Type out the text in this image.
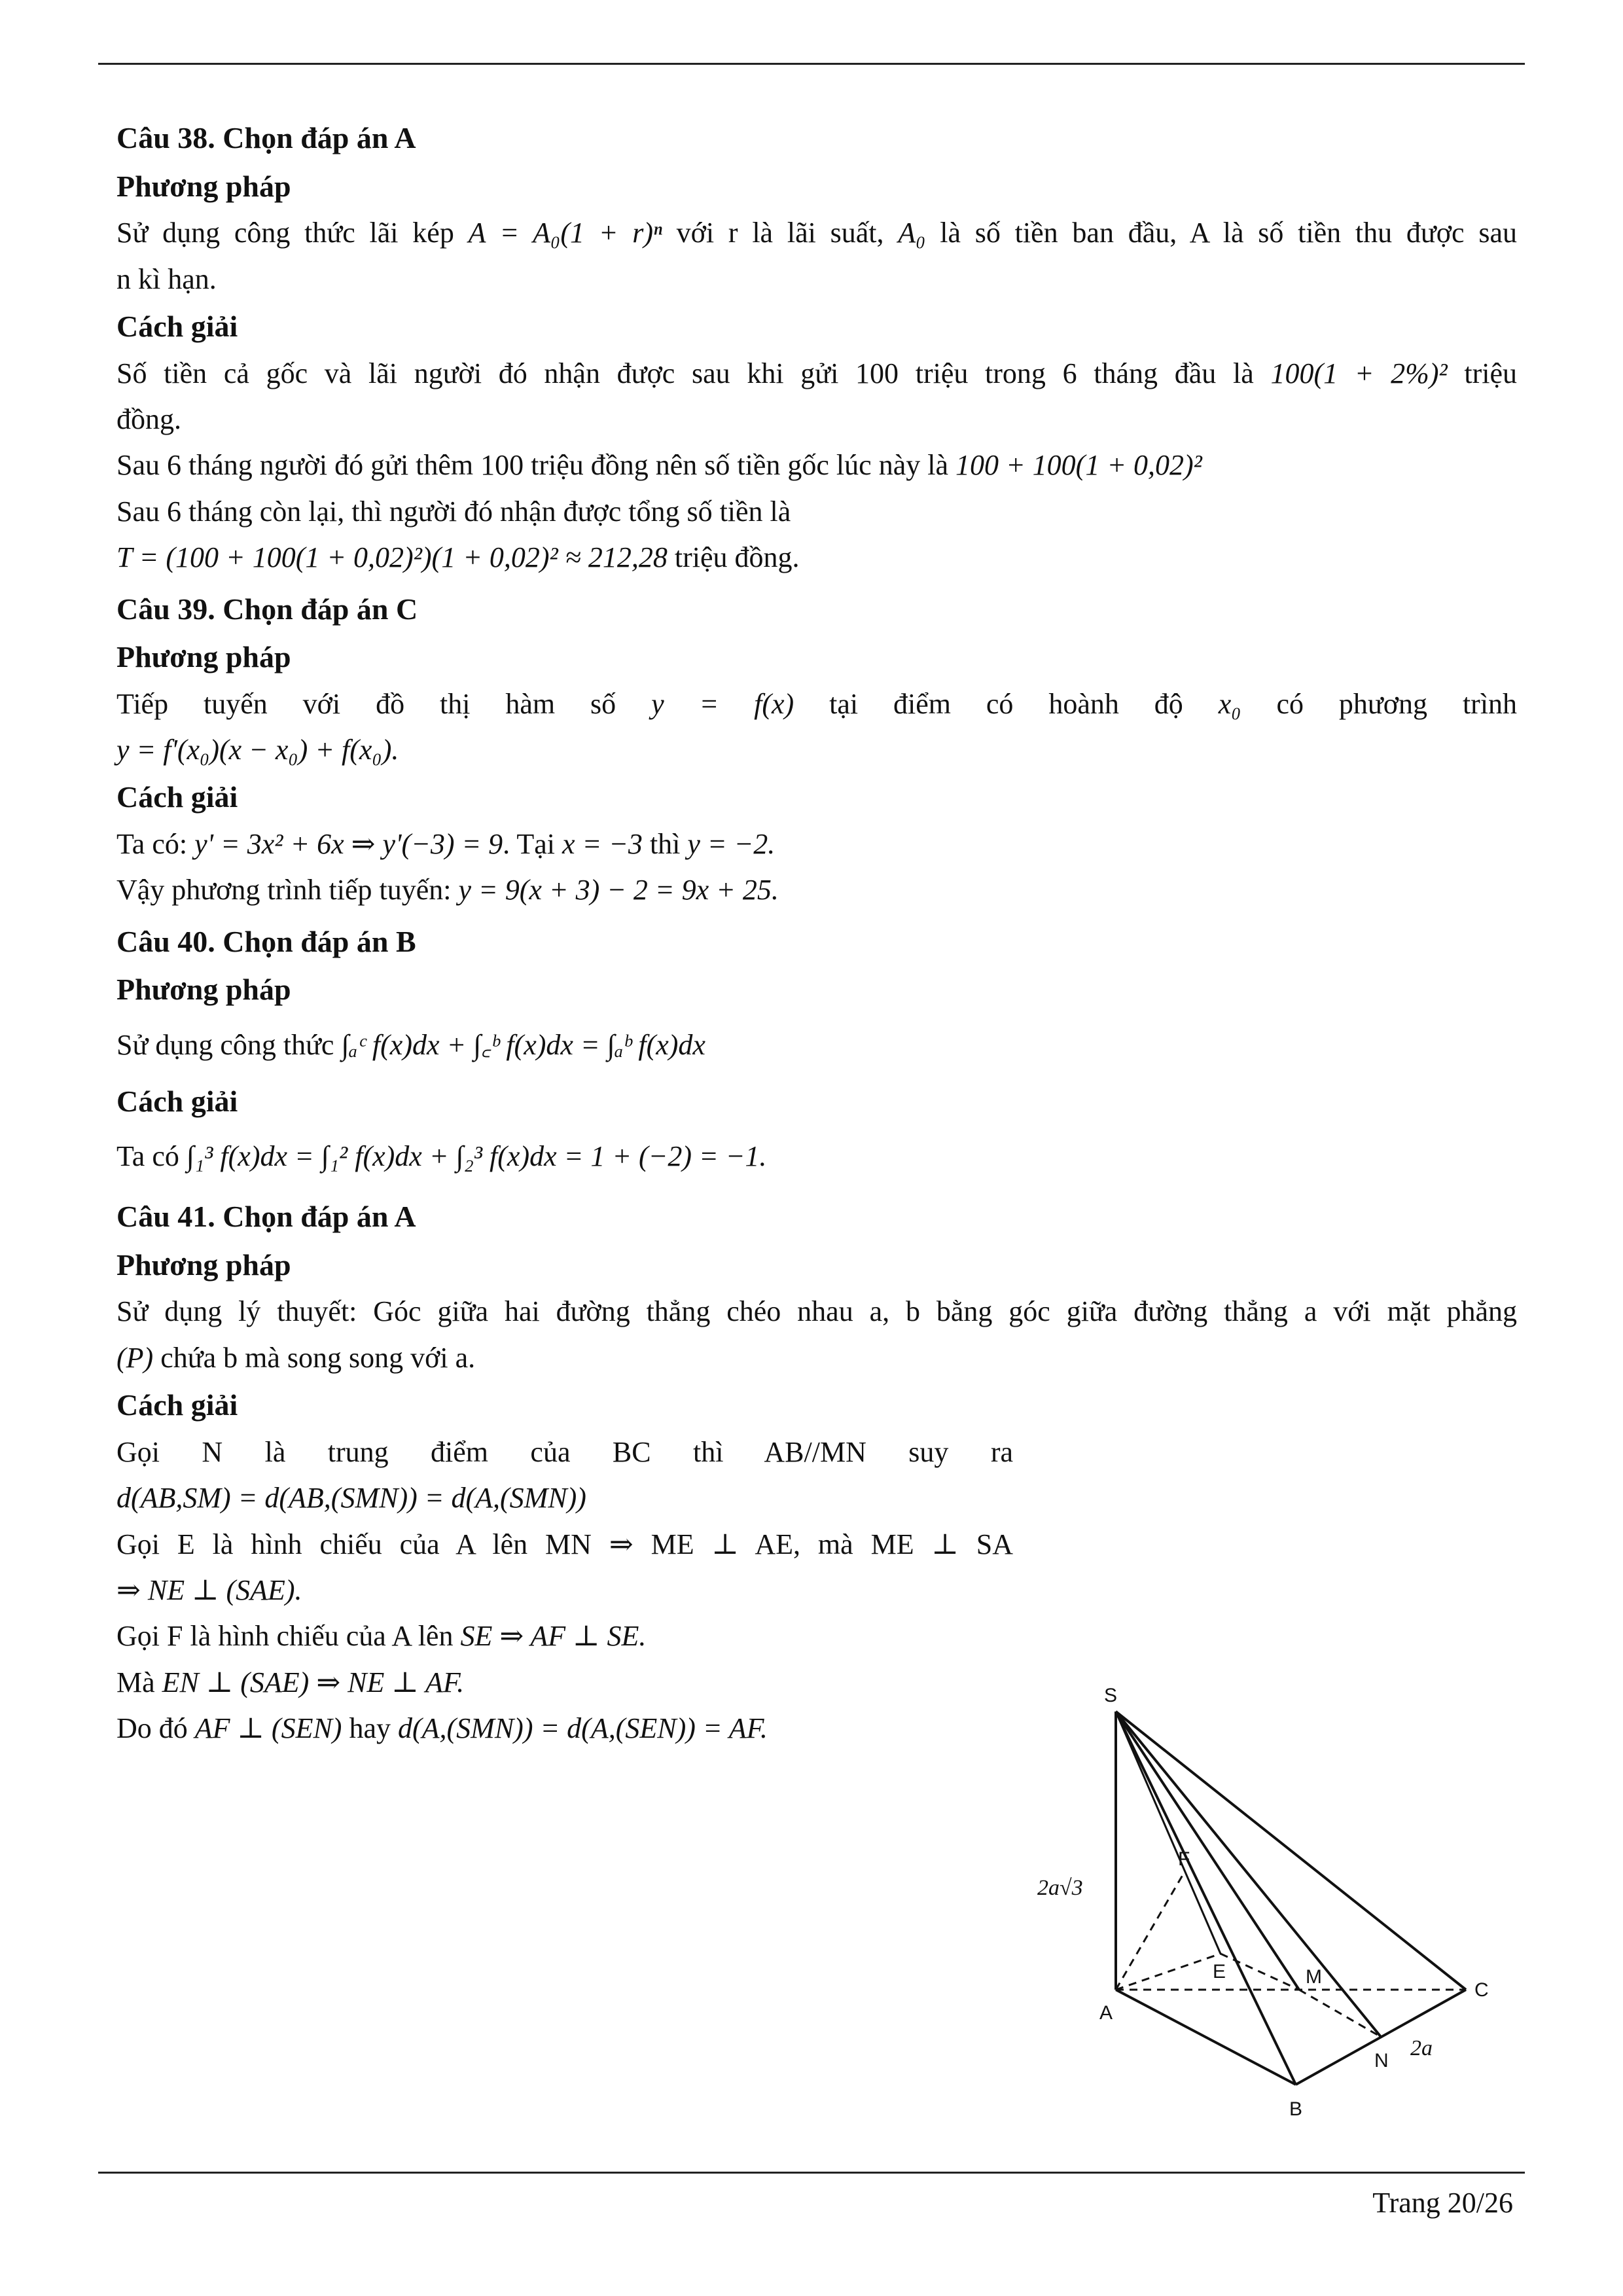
Câu 38. Chọn đáp án A

Phương pháp

Sử dụng công thức lãi kép A = A₀(1 + r)ⁿ với r là lãi suất, A₀ là số tiền ban đầu, A là số tiền thu được sau

n kì hạn.

Cách giải

Số tiền cả gốc và lãi người đó nhận được sau khi gửi 100 triệu trong 6 tháng đầu là 100(1 + 2%)² triệu

đồng.

Sau 6 tháng người đó gửi thêm 100 triệu đồng nên số tiền gốc lúc này là 100 + 100(1 + 0,02)²

Sau 6 tháng còn lại, thì người đó nhận được tổng số tiền là

T = (100 + 100(1 + 0,02)²)(1 + 0,02)² ≈ 212,28 triệu đồng.

Câu 39. Chọn đáp án C

Phương pháp

Tiếp tuyến với đồ thị hàm số y = f(x) tại điểm có hoành độ x₀ có phương trình

y = f'(x₀)(x − x₀) + f(x₀).

Cách giải

Ta có: y' = 3x² + 6x ⇒ y'(−3) = 9. Tại x = −3 thì y = −2.

Vậy phương trình tiếp tuyến: y = 9(x + 3) − 2 = 9x + 25.

Câu 40. Chọn đáp án B

Phương pháp

Sử dụng công thức ∫ₐᶜ f(x)dx + ∫꜀ᵇ f(x)dx = ∫ₐᵇ f(x)dx

Cách giải

Ta có ∫₁³ f(x)dx = ∫₁² f(x)dx + ∫₂³ f(x)dx = 1 + (−2) = −1.

Câu 41. Chọn đáp án A

Phương pháp

Sử dụng lý thuyết: Góc giữa hai đường thẳng chéo nhau a, b bằng góc giữa đường thẳng a với mặt phẳng

(P) chứa b mà song song với a.

Cách giải

Gọi N là trung điểm của BC thì AB//MN suy ra

d(AB,SM) = d(AB,(SMN)) = d(A,(SMN))

Gọi E là hình chiếu của A lên MN ⇒ ME ⊥ AE, mà ME ⊥ SA

⇒ NE ⊥ (SAE).

Gọi F là hình chiếu của A lên SE ⇒ AF ⊥ SE.

Mà EN ⊥ (SAE) ⇒ NE ⊥ AF.

Do đó AF ⊥ (SEN) hay d(A,(SMN)) = d(A,(SEN)) = AF.

S
A
B
C
E
F
M
N
2a√3
2a
Trang 20/26
